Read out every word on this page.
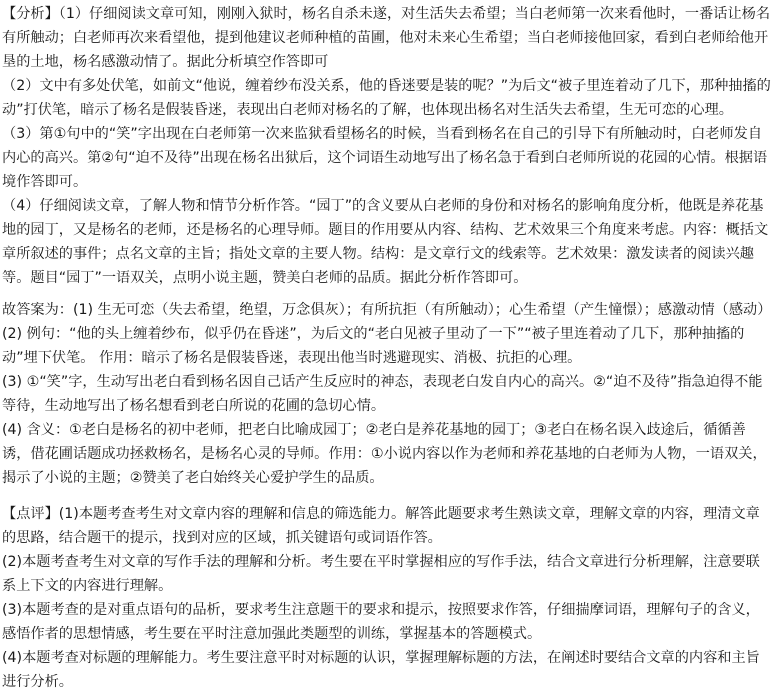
【分析】（1）仔细阅读文章可知，刚刚入狱时，杨名自杀未遂，对生活失去希望；当白老师第一次来看他时，一番话让杨名有所触动；白老师再次来看望他，提到他建议老师种植的苗圃，他对未来心生希望；当白老师接他回家，看到白老师给他开垦的土地，杨名感激动情了。据此分析填空作答即可

（2）文中有多处伏笔，如前文“他说，缠着纱布没关系，他的昏迷要是装的呢？”为后文“被子里连着动了几下，那种抽搐的动”打伏笔，暗示了杨名是假装昏迷，表现出白老师对杨名的了解，也体现出杨名对生活失去希望，生无可恋的心理。

（3）第①句中的“笑”字出现在白老师第一次来监狱看望杨名的时候，当看到杨名在自己的引导下有所触动时，白老师发自内心的高兴。第②句“迫不及待”出现在杨名出狱后，这个词语生动地写出了杨名急于看到白老师所说的花园的心情。根据语境作答即可。

（4）仔细阅读文章，了解人物和情节分析作答。“园丁”的含义要从白老师的身份和对杨名的影响角度分析，他既是养花基地的园丁，又是杨名的老师，还是杨名的心理导师。题目的作用要从内容、结构、艺术效果三个角度来考虑。内容：概括文章所叙述的事件；点名文章的主旨；指处文章的主要人物。结构：是文章行文的线索等。艺术效果：激发读者的阅读兴趣等。题目“园丁”一语双关，点明小说主题，赞美白老师的品质。据此分析作答即可。

故答案为：(1) 生无可恋（失去希望，绝望，万念俱灰）；有所抗拒（有所触动）；心生希望（产生憧憬）；感激动情（感动）

(2) 例句：“他的头上缠着纱布，似乎仍在昏迷”，为后文的“老白见被子里动了一下”“被子里连着动了几下，那种抽搐的动”埋下伏笔。 作用：暗示了杨名是假装昏迷，表现出他当时逃避现实、消极、抗拒的心理。

(3) ①“笑”字，生动写出老白看到杨名因自己话产生反应时的神态，表现老白发自内心的高兴。②“迫不及待”指急迫得不能等待，生动地写出了杨名想看到老白所说的花圃的急切心情。

(4) 含义：①老白是杨名的初中老师，把老白比喻成园丁；②老白是养花基地的园丁；③老白在杨名误入歧途后，循循善诱，借花圃话题成功拯救杨名，是杨名心灵的导师。作用：①小说内容以作为老师和养花基地的白老师为人物，一语双关，揭示了小说的主题；②赞美了老白始终关心爱护学生的品质。

【点评】(1)本题考查考生对文章内容的理解和信息的筛选能力。解答此题要求考生熟读文章，理解文章的内容，理清文章的思路，结合题干的提示，找到对应的区域，抓关键语句或词语作答。

(2)本题考查考生对文章的写作手法的理解和分析。考生要在平时掌握相应的写作手法，结合文章进行分析理解，注意要联系上下文的内容进行理解。

(3)本题考查的是对重点语句的品析，要求考生注意题干的要求和提示，按照要求作答，仔细揣摩词语，理解句子的含义，感悟作者的思想情感，考生要在平时注意加强此类题型的训练，掌握基本的答题模式。

(4)本题考查对标题的理解能力。考生要注意平时对标题的认识，掌握理解标题的方法，在阐述时要结合文章的内容和主旨进行分析。
